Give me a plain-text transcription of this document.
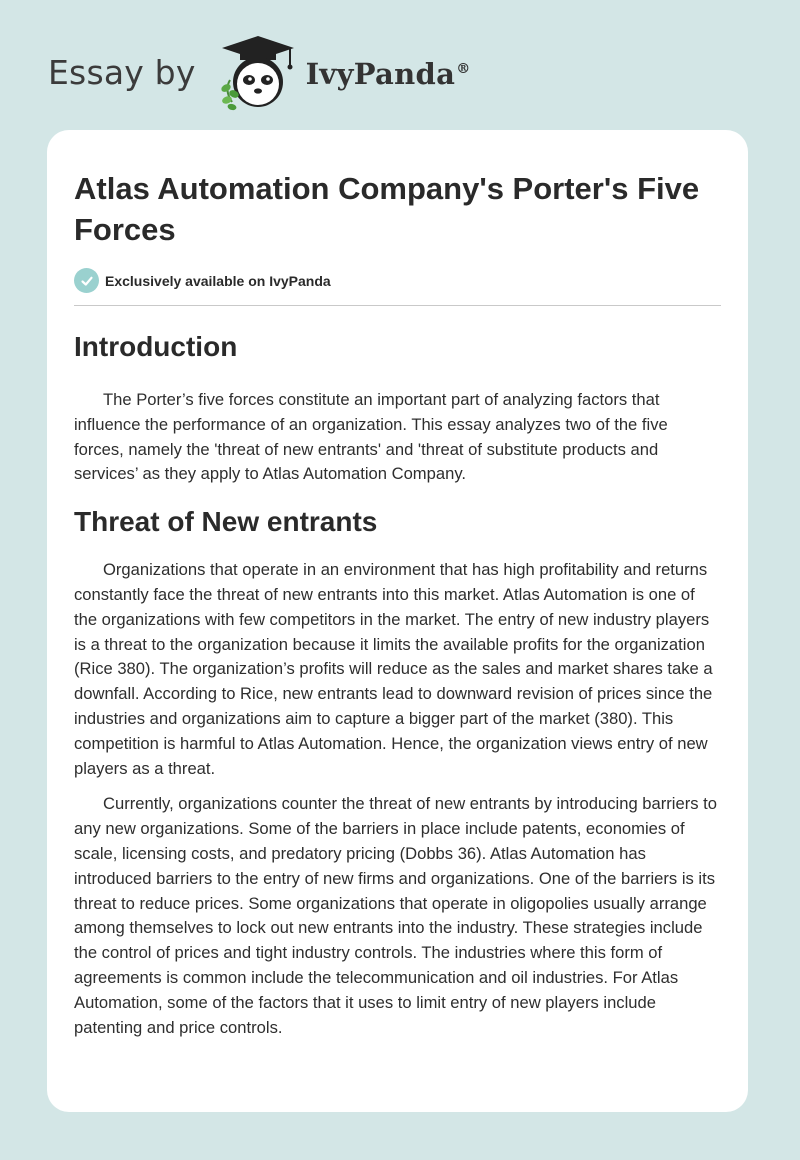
Essay by	IvyPanda®
Atlas Automation Company's Porter's Five Forces
Exclusively available on IvyPanda
Introduction

The Porter’s five forces constitute an important part of analyzing factors that influence the performance of an organization. This essay analyzes two of the five forces, namely the 'threat of new entrants' and 'threat of substitute products and services’ as they apply to Atlas Automation Company.

Threat of New entrants

Organizations that operate in an environment that has high profitability and returns constantly face the threat of new entrants into this market. Atlas Automation is one of the organizations with few competitors in the market. The entry of new industry players is a threat to the organization because it limits the available profits for the organization (Rice 380). The organization’s profits will reduce as the sales and market shares take a downfall. According to Rice, new entrants lead to downward revision of prices since the industries and organizations aim to capture a bigger part of the market (380). This competition is harmful to Atlas Automation. Hence, the organization views entry of new players as a threat.

Currently, organizations counter the threat of new entrants by introducing barriers to any new organizations. Some of the barriers in place include patents, economies of scale, licensing costs, and predatory pricing (Dobbs 36). Atlas Automation has introduced barriers to the entry of new firms and organizations. One of the barriers is its threat to reduce prices. Some organizations that operate in oligopolies usually arrange among themselves to lock out new entrants into the industry. These strategies include the control of prices and tight industry controls. The industries where this form of agreements is common include the telecommunication and oil industries. For Atlas Automation, some of the factors that it uses to limit entry of new players include patenting and price controls.
